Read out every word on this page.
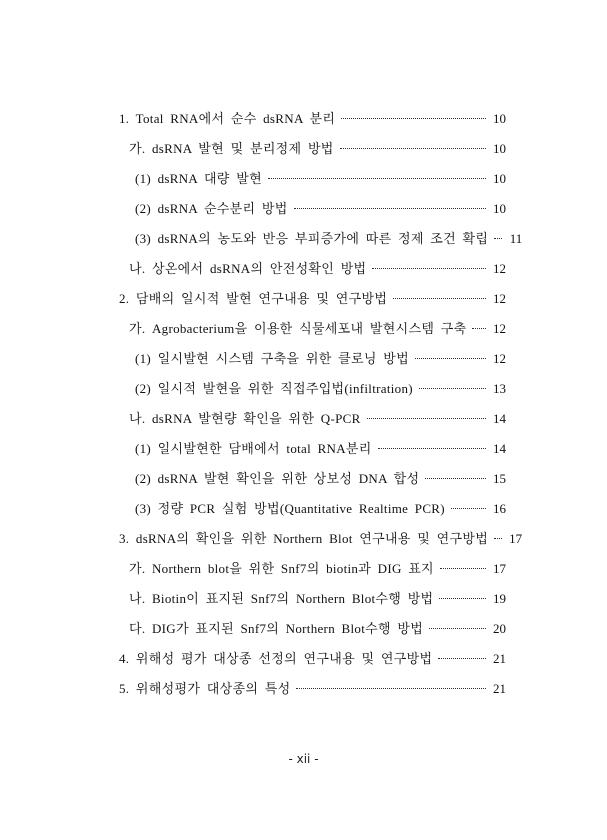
1. Total RNA에서 순수 dsRNA 분리	10
가. dsRNA 발현 및 분리정제 방법	10
(1) dsRNA 대량 발현	10
(2) dsRNA 순수분리 방법	10
(3) dsRNA의 농도와 반응 부피증가에 따른 정제 조건 확립 11
나. 상온에서 dsRNA의 안전성확인 방법	12
2. 담배의 일시적 발현 연구내용 및 연구방법	12
가. Agrobacterium을 이용한 식물세포내 발현시스템 구축 12
(1) 일시발현 시스템 구축을 위한 클로닝 방법	12
(2) 일시적 발현을 위한 직접주입법(infiltration)	13
나. dsRNA 발현량 확인을 위한 Q-PCR	14
(1) 일시발현한 담배에서 total RNA분리	14
(2) dsRNA 발현 확인을 위한 상보성 DNA 합성	15
(3) 정량 PCR 실험 방법(Quantitative Realtime PCR)	16
3. dsRNA의 확인을 위한 Northern Blot 연구내용 및 연구방법 17
가. Northern blot을 위한 Snf7의 biotin과 DIG 표지	17
나. Biotin이 표지된 Snf7의 Northern Blot수행 방법	19
다. DIG가 표지된 Snf7의 Northern Blot수행 방법	20
4. 위해성 평가 대상종 선정의 연구내용 및 연구방법	21
5. 위해성평가 대상종의 특성	21
- xii -
